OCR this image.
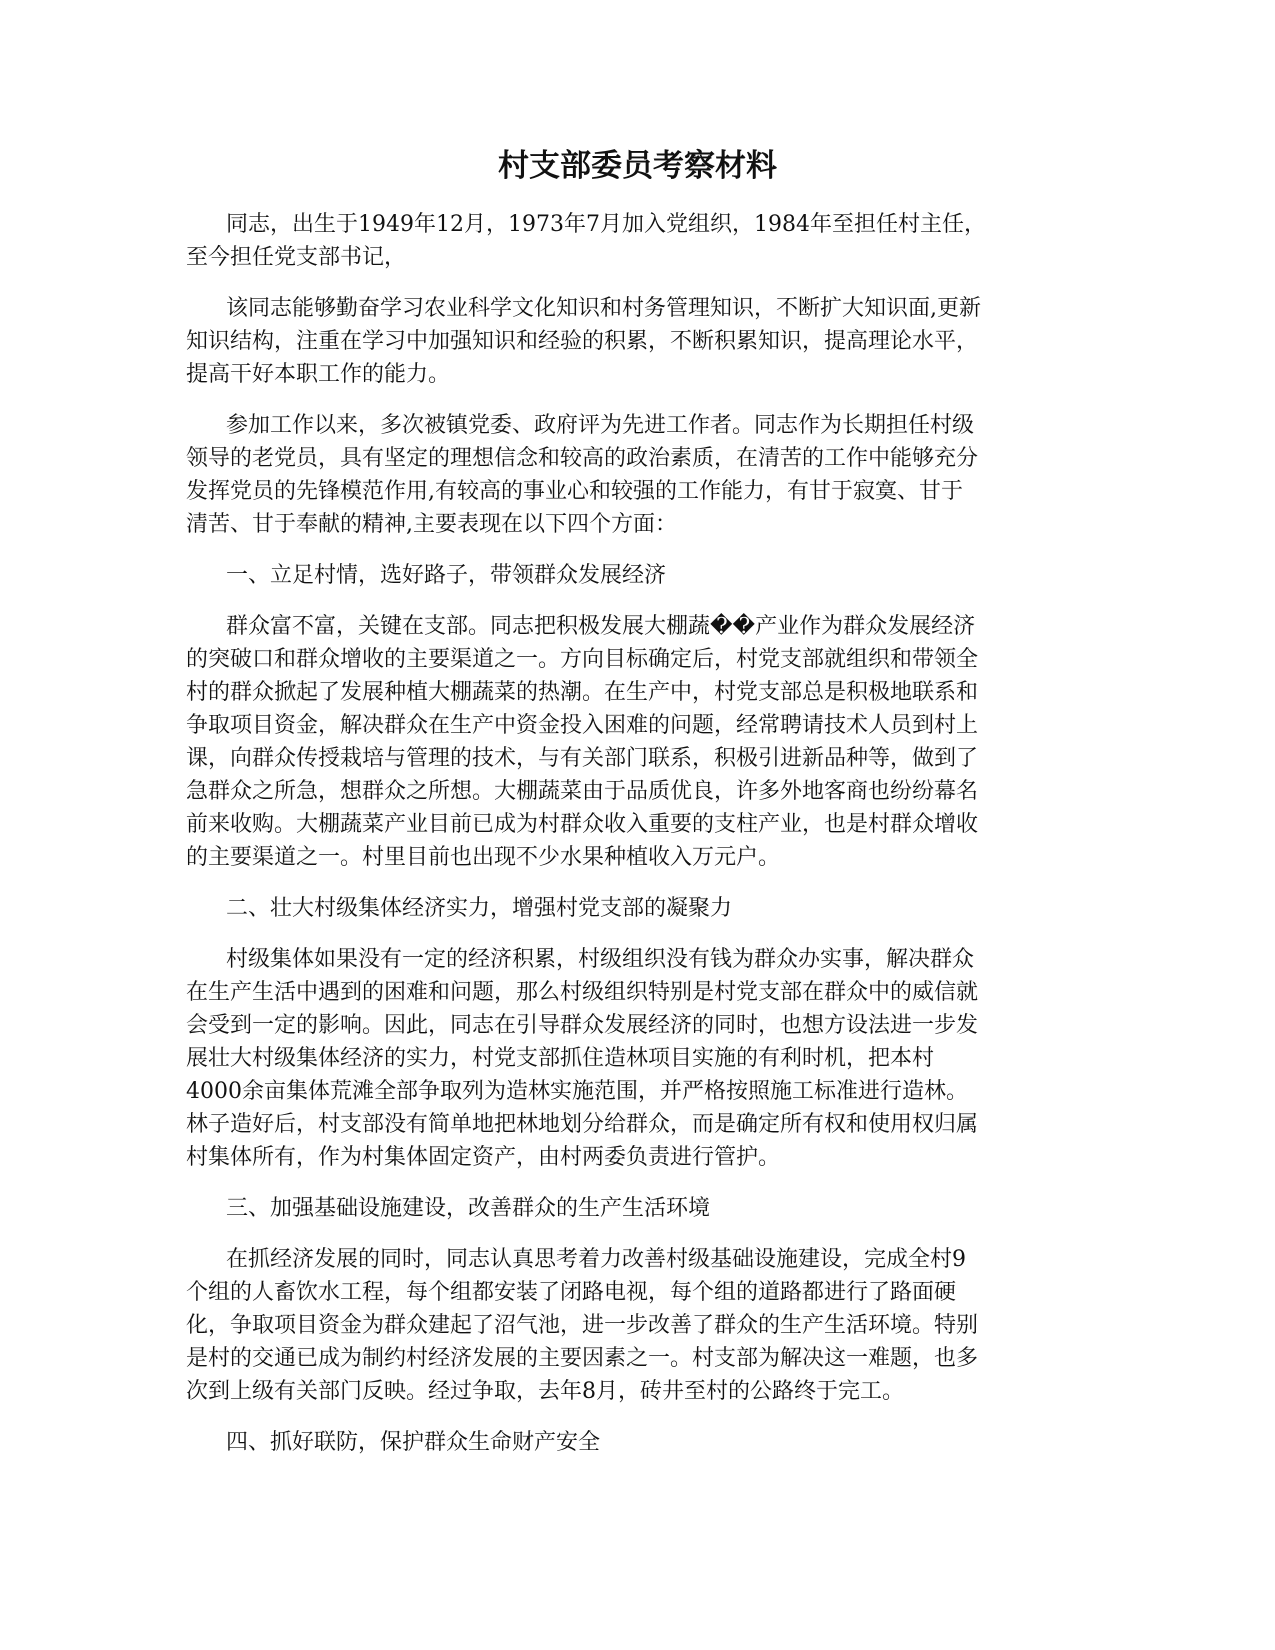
村支部委员考察材料
同志，出生于1949年12月，1973年7月加入党组织，1984年至担任村主任，
至今担任党支部书记，
该同志能够勤奋学习农业科学文化知识和村务管理知识，不断扩大知识面,更新
知识结构，注重在学习中加强知识和经验的积累，不断积累知识，提高理论水平，
提高干好本职工作的能力。
参加工作以来，多次被镇党委、政府评为先进工作者。同志作为长期担任村级
领导的老党员，具有坚定的理想信念和较高的政治素质，在清苦的工作中能够充分
发挥党员的先锋模范作用,有较高的事业心和较强的工作能力，有甘于寂寞、甘于
清苦、甘于奉献的精神,主要表现在以下四个方面：
一、立足村情，选好路子，带领群众发展经济
群众富不富，关键在支部。同志把积极发展大棚蔬��产业作为群众发展经济
的突破口和群众增收的主要渠道之一。方向目标确定后，村党支部就组织和带领全
村的群众掀起了发展种植大棚蔬菜的热潮。在生产中，村党支部总是积极地联系和
争取项目资金，解决群众在生产中资金投入困难的问题，经常聘请技术人员到村上
课，向群众传授栽培与管理的技术，与有关部门联系，积极引进新品种等，做到了
急群众之所急，想群众之所想。大棚蔬菜由于品质优良，许多外地客商也纷纷幕名
前来收购。大棚蔬菜产业目前已成为村群众收入重要的支柱产业，也是村群众增收
的主要渠道之一。村里目前也出现不少水果种植收入万元户。
二、壮大村级集体经济实力，增强村党支部的凝聚力
村级集体如果没有一定的经济积累，村级组织没有钱为群众办实事，解决群众
在生产生活中遇到的困难和问题，那么村级组织特别是村党支部在群众中的威信就
会受到一定的影响。因此，同志在引导群众发展经济的同时，也想方设法进一步发
展壮大村级集体经济的实力，村党支部抓住造林项目实施的有利时机，把本村
4000余亩集体荒滩全部争取列为造林实施范围，并严格按照施工标准进行造林。
林子造好后，村支部没有简单地把林地划分给群众，而是确定所有权和使用权归属
村集体所有，作为村集体固定资产，由村两委负责进行管护。
三、加强基础设施建设，改善群众的生产生活环境
在抓经济发展的同时，同志认真思考着力改善村级基础设施建设，完成全村9
个组的人畜饮水工程，每个组都安装了闭路电视，每个组的道路都进行了路面硬
化，争取项目资金为群众建起了沼气池，进一步改善了群众的生产生活环境。特别
是村的交通已成为制约村经济发展的主要因素之一。村支部为解决这一难题，也多
次到上级有关部门反映。经过争取，去年8月，砖井至村的公路终于完工。
四、抓好联防，保护群众生命财产安全
